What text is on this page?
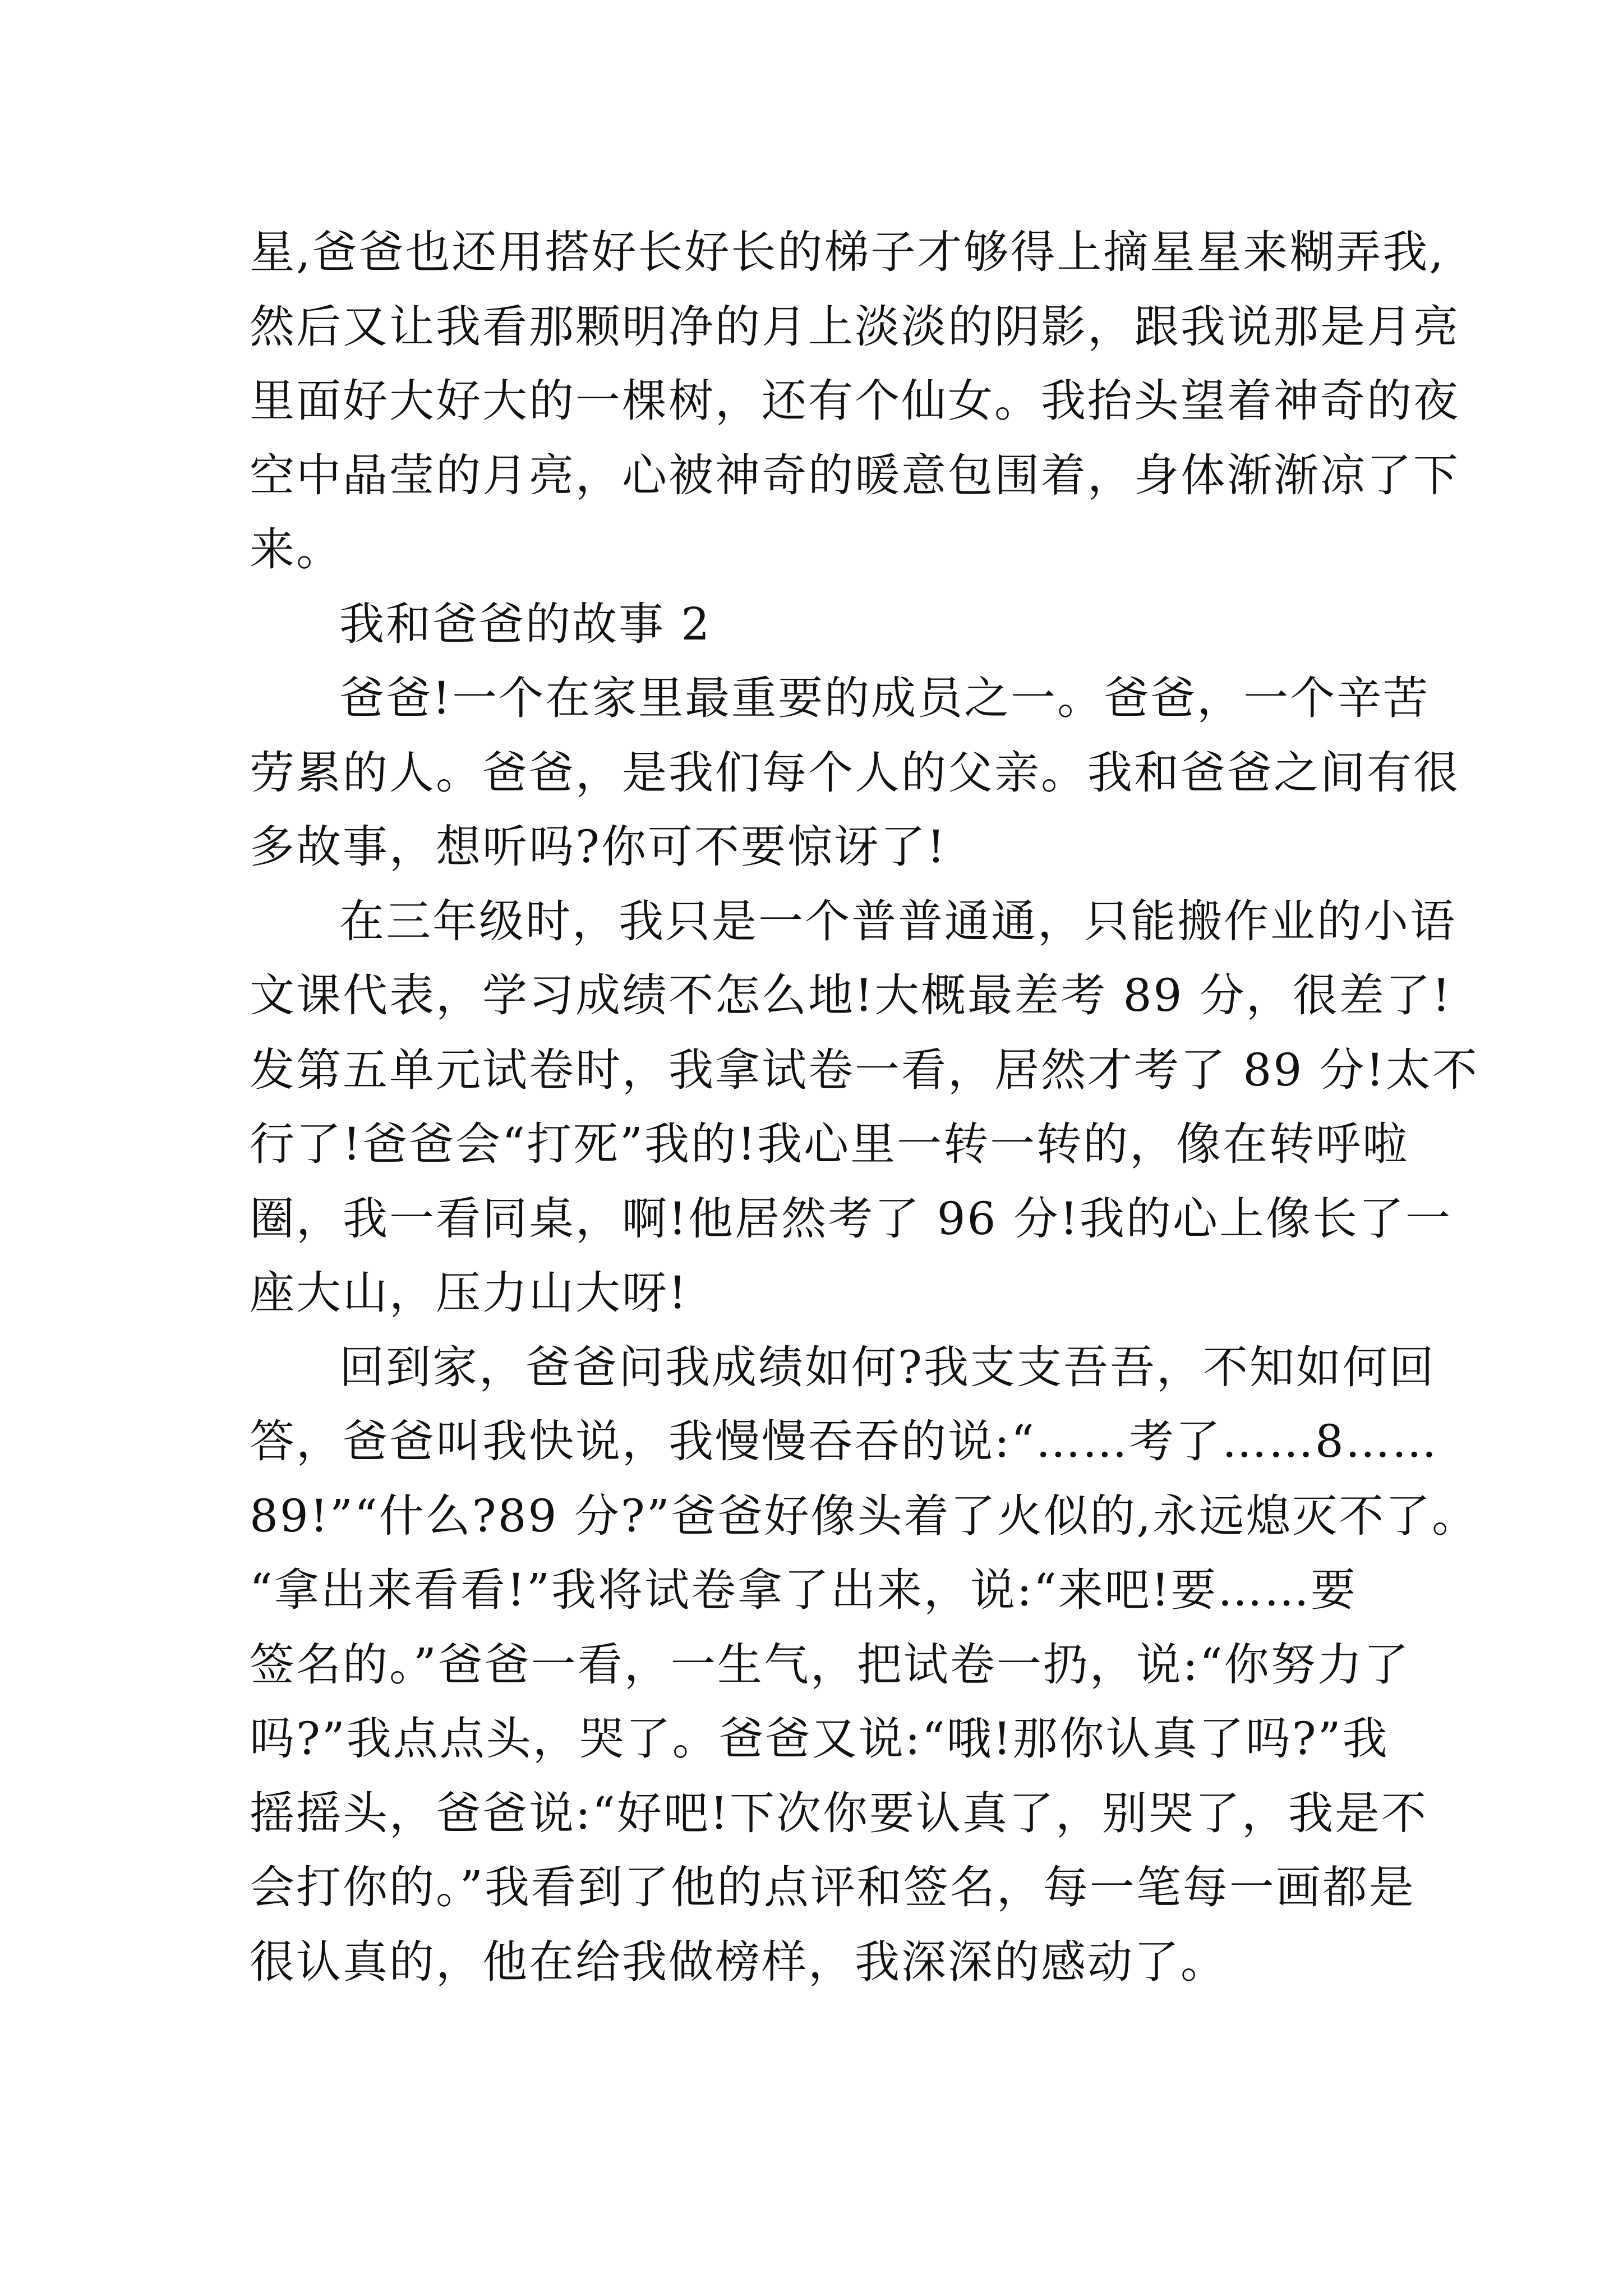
星,爸爸也还用搭好长好长的梯子才够得上摘星星来糊弄我,
然后又让我看那颗明净的月上淡淡的阴影，跟我说那是月亮
里面好大好大的一棵树，还有个仙女。我抬头望着神奇的夜
空中晶莹的月亮，心被神奇的暖意包围着，身体渐渐凉了下
来。
我和爸爸的故事 2
爸爸!一个在家里最重要的成员之一。爸爸，一个辛苦
劳累的人。爸爸，是我们每个人的父亲。我和爸爸之间有很
多故事，想听吗?你可不要惊讶了!
在三年级时，我只是一个普普通通，只能搬作业的小语
文课代表，学习成绩不怎么地!大概最差考 89 分，很差了!
发第五单元试卷时，我拿试卷一看，居然才考了 89 分!太不
行了!爸爸会“打死”我的!我心里一转一转的，像在转呼啦
圈，我一看同桌，啊!他居然考了 96 分!我的心上像长了一
座大山，压力山大呀!
回到家，爸爸问我成绩如何?我支支吾吾，不知如何回
答，爸爸叫我快说，我慢慢吞吞的说:“……考了……8……
89!”“什么?89 分?”爸爸好像头着了火似的,永远熄灭不了。
“拿出来看看!”我将试卷拿了出来，说:“来吧!要……要
签名的。”爸爸一看，一生气，把试卷一扔，说:“你努力了
吗?”我点点头，哭了。爸爸又说:“哦!那你认真了吗?”我
摇摇头，爸爸说:“好吧!下次你要认真了，别哭了，我是不
会打你的。”我看到了他的点评和签名，每一笔每一画都是
很认真的，他在给我做榜样，我深深的感动了。
